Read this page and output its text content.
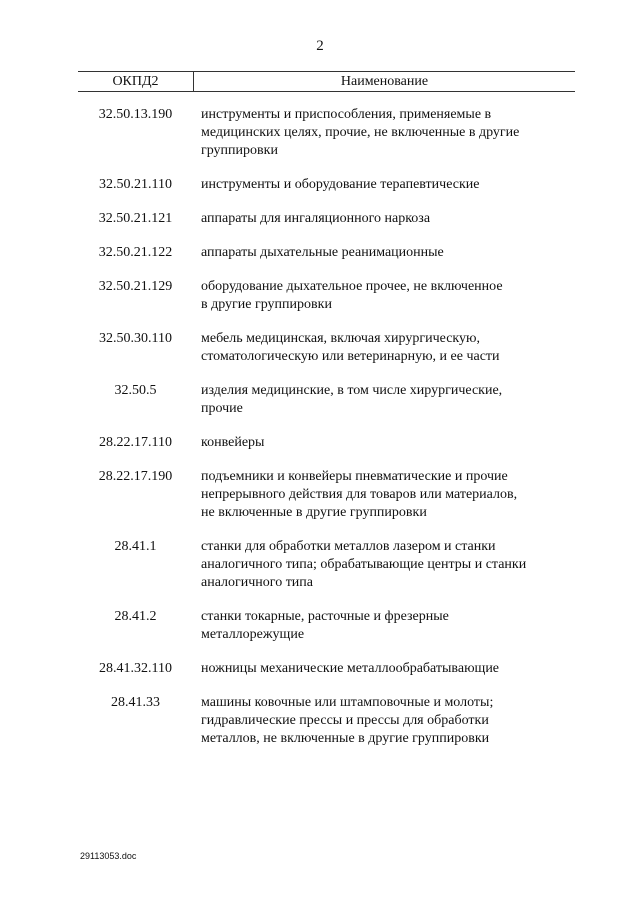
2
ОКПД2	Наименование
32.50.13.190	инструменты и приспособления, применяемые в
медицинских целях, прочие, не включенные в другие
группировки
32.50.21.110	инструменты и оборудование терапевтические
32.50.21.121	аппараты для ингаляционного наркоза
32.50.21.122	аппараты дыхательные реанимационные
32.50.21.129	оборудование дыхательное прочее, не включенное
в другие группировки
32.50.30.110	мебель медицинская, включая хирургическую,
стоматологическую или ветеринарную, и ее части
32.50.5	изделия медицинские, в том числе хирургические,
прочие
28.22.17.110	конвейеры
28.22.17.190	подъемники и конвейеры пневматические и прочие
непрерывного действия для товаров или материалов,
не включенные в другие группировки
28.41.1	станки для обработки металлов лазером и станки
аналогичного типа; обрабатывающие центры и станки
аналогичного типа
28.41.2	станки токарные, расточные и фрезерные
металлорежущие
28.41.32.110	ножницы механические металлообрабатывающие
28.41.33	машины ковочные или штамповочные и молоты;
гидравлические прессы и прессы для обработки
металлов, не включенные в другие группировки
29113053.doc
